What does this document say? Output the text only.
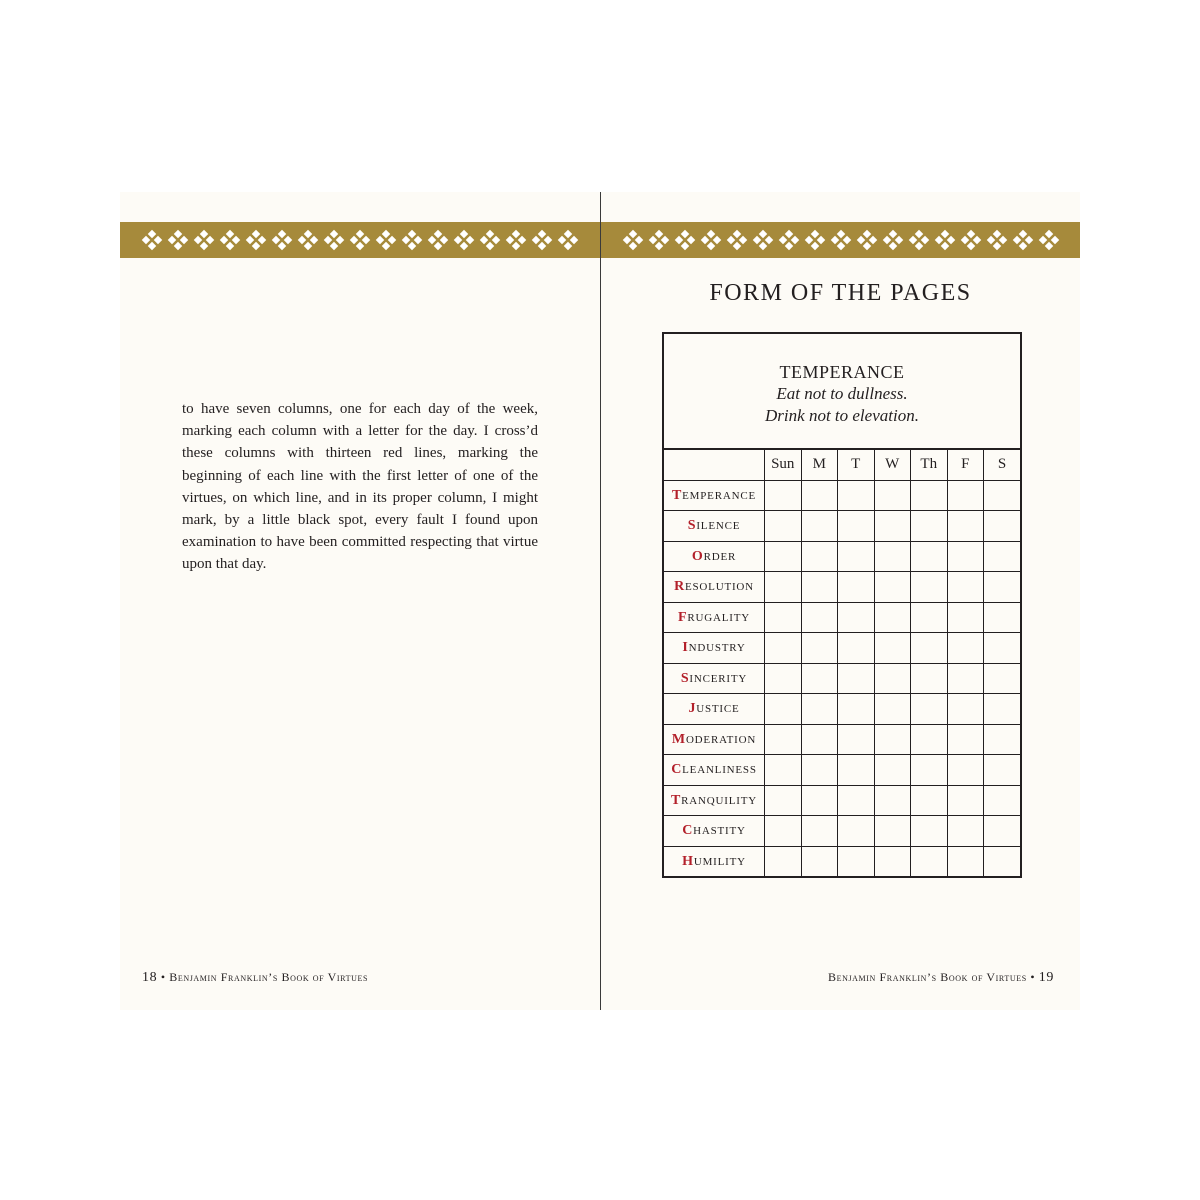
to have seven columns, one for each day of the week, marking each column with a letter for the day. I cross’d these columns with thirteen red lines, marking the beginning of each line with the first letter of one of the virtues, on which line, and in its proper column, I might mark, by a little black spot, every fault I found upon examination to have been committed respecting that virtue upon that day.

FORM OF THE PAGES
TEMPERANCE
Eat not to dullness.
Drink not to elevation.
	Sun	M	T	W	Th	F	S
Temperance							
Silence							
Order							
Resolution							
Frugality							
Industry							
Sincerity							
Justice							
Moderation							
Cleanliness							
Tranquility							
Chastity							
Humility							
18 • Benjamin Franklin’s Book of Virtues	Benjamin Franklin’s Book of Virtues • 19
